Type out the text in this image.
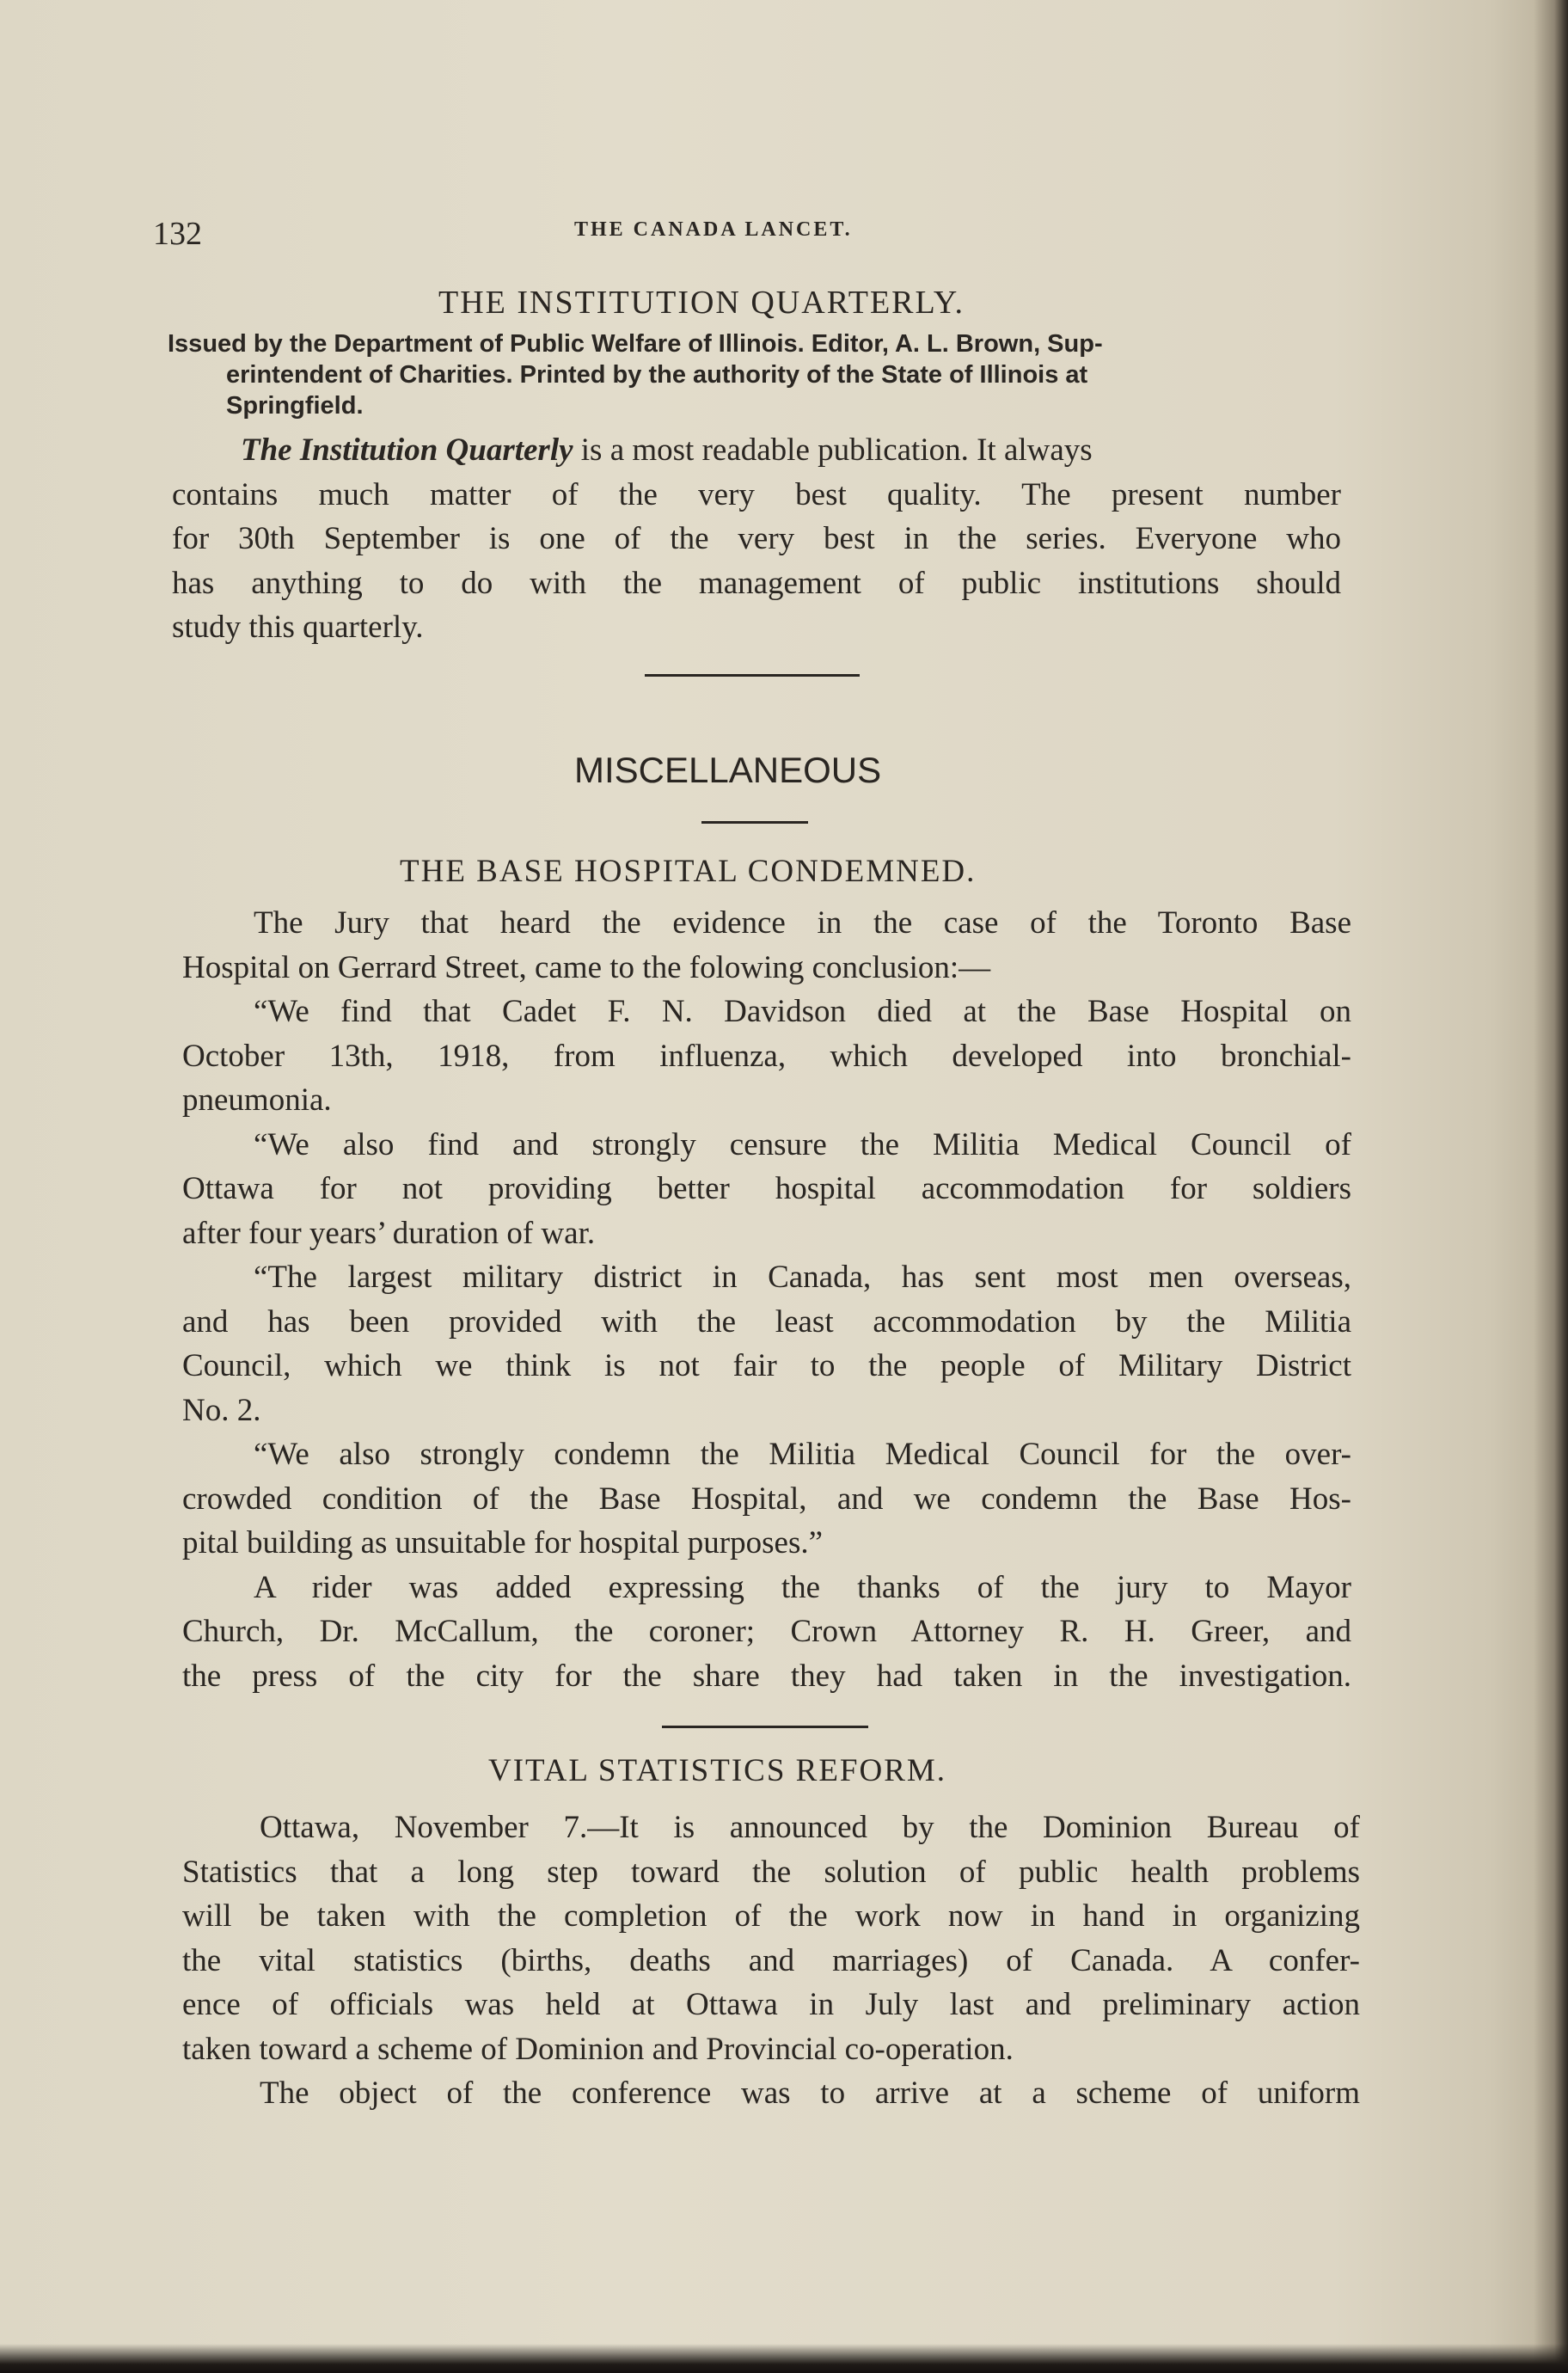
132	THE CANADA LANCET.
THE INSTITUTION QUARTERLY.
Issued by the Department of Public Welfare of Illinois. Editor, A. L. Brown, Sup-
erintendent of Charities. Printed by the authority of the State of Illinois at
Springfield.
The Institution Quarterly is a most readable publication. It always
contains much matter of the very best quality. The present number
for 30th September is one of the very best in the series. Everyone who
has anything to do with the management of public institutions should
study this quarterly.
MISCELLANEOUS
THE BASE HOSPITAL CONDEMNED.
The Jury that heard the evidence in the case of the Toronto Base
Hospital on Gerrard Street, came to the folowing conclusion:—
“We find that Cadet F. N. Davidson died at the Base Hospital on
October 13th, 1918, from influenza, which developed into bronchial-
pneumonia.
“We also find and strongly censure the Militia Medical Council of
Ottawa for not providing better hospital accommodation for soldiers
after four years’ duration of war.
“The largest military district in Canada, has sent most men overseas,
and has been provided with the least accommodation by the Militia
Council, which we think is not fair to the people of Military District
No. 2.
“We also strongly condemn the Militia Medical Council for the over-
crowded condition of the Base Hospital, and we condemn the Base Hos-
pital building as unsuitable for hospital purposes.”
A rider was added expressing the thanks of the jury to Mayor
Church, Dr. McCallum, the coroner; Crown Attorney R. H. Greer, and
the press of the city for the share they had taken in the investigation.
VITAL STATISTICS REFORM.
Ottawa, November 7.—It is announced by the Dominion Bureau of
Statistics that a long step toward the solution of public health problems
will be taken with the completion of the work now in hand in organizing
the vital statistics (births, deaths and marriages) of Canada. A confer-
ence of officials was held at Ottawa in July last and preliminary action
taken toward a scheme of Dominion and Provincial co-operation.
The object of the conference was to arrive at a scheme of uniform
